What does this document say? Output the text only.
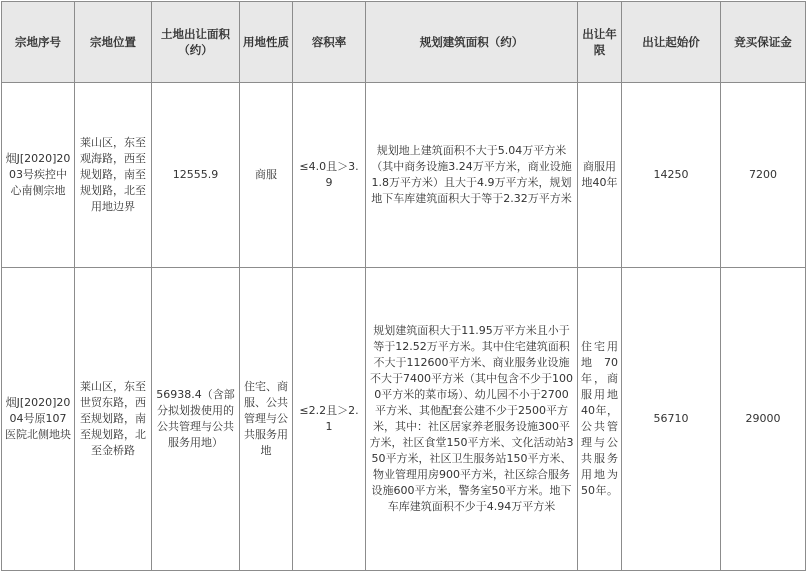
宗地序号	宗地位置	土地出让面积（约）	用地性质	容积率	规划建筑面积（约）	出让年限	出让起始价	竞买保证金
烟J[2020]2003号疾控中心南侧宗地	莱山区，东至观海路，西至规划路，南至规划路，北至用地边界	12555.9	商服	≤4.0且＞3.9	规划地上建筑面积不大于5.04万平方米（其中商务设施3.24万平方米，商业设施1.8万平方米）且大于4.9万平方米，规划地下车库建筑面积大于等于2.32万平方米	商服用地40年	14250	7200
烟J[2020]2004号原107医院北侧地块	莱山区，东至世贸东路，西至规划路，南至规划路，北至金桥路	56938.4（含部分拟划拨使用的公共管理与公共服务用地）	住宅、商服、公共管理与公共服务用地	≤2.2且＞2.1	规划建筑面积大于11.95万平方米且小于等于12.52万平方米。其中住宅建筑面积不大于112600平方米、商业服务业设施不大于7400平方米（其中包含不少于1000平方米的菜市场）、幼儿园不小于2700平方米、其他配套公建不少于2500平方米，其中：社区居家养老服务设施300平方米，社区食堂150平方米、文化活动站350平方米，社区卫生服务站150平方米、物业管理用房900平方米，社区综合服务设施600平方米，警务室50平方米。地下车库建筑面积不少于4.94万平方米	住宅用地70年，商服用地40年，公共管理与公共服务用地为50年。	56710	29000
